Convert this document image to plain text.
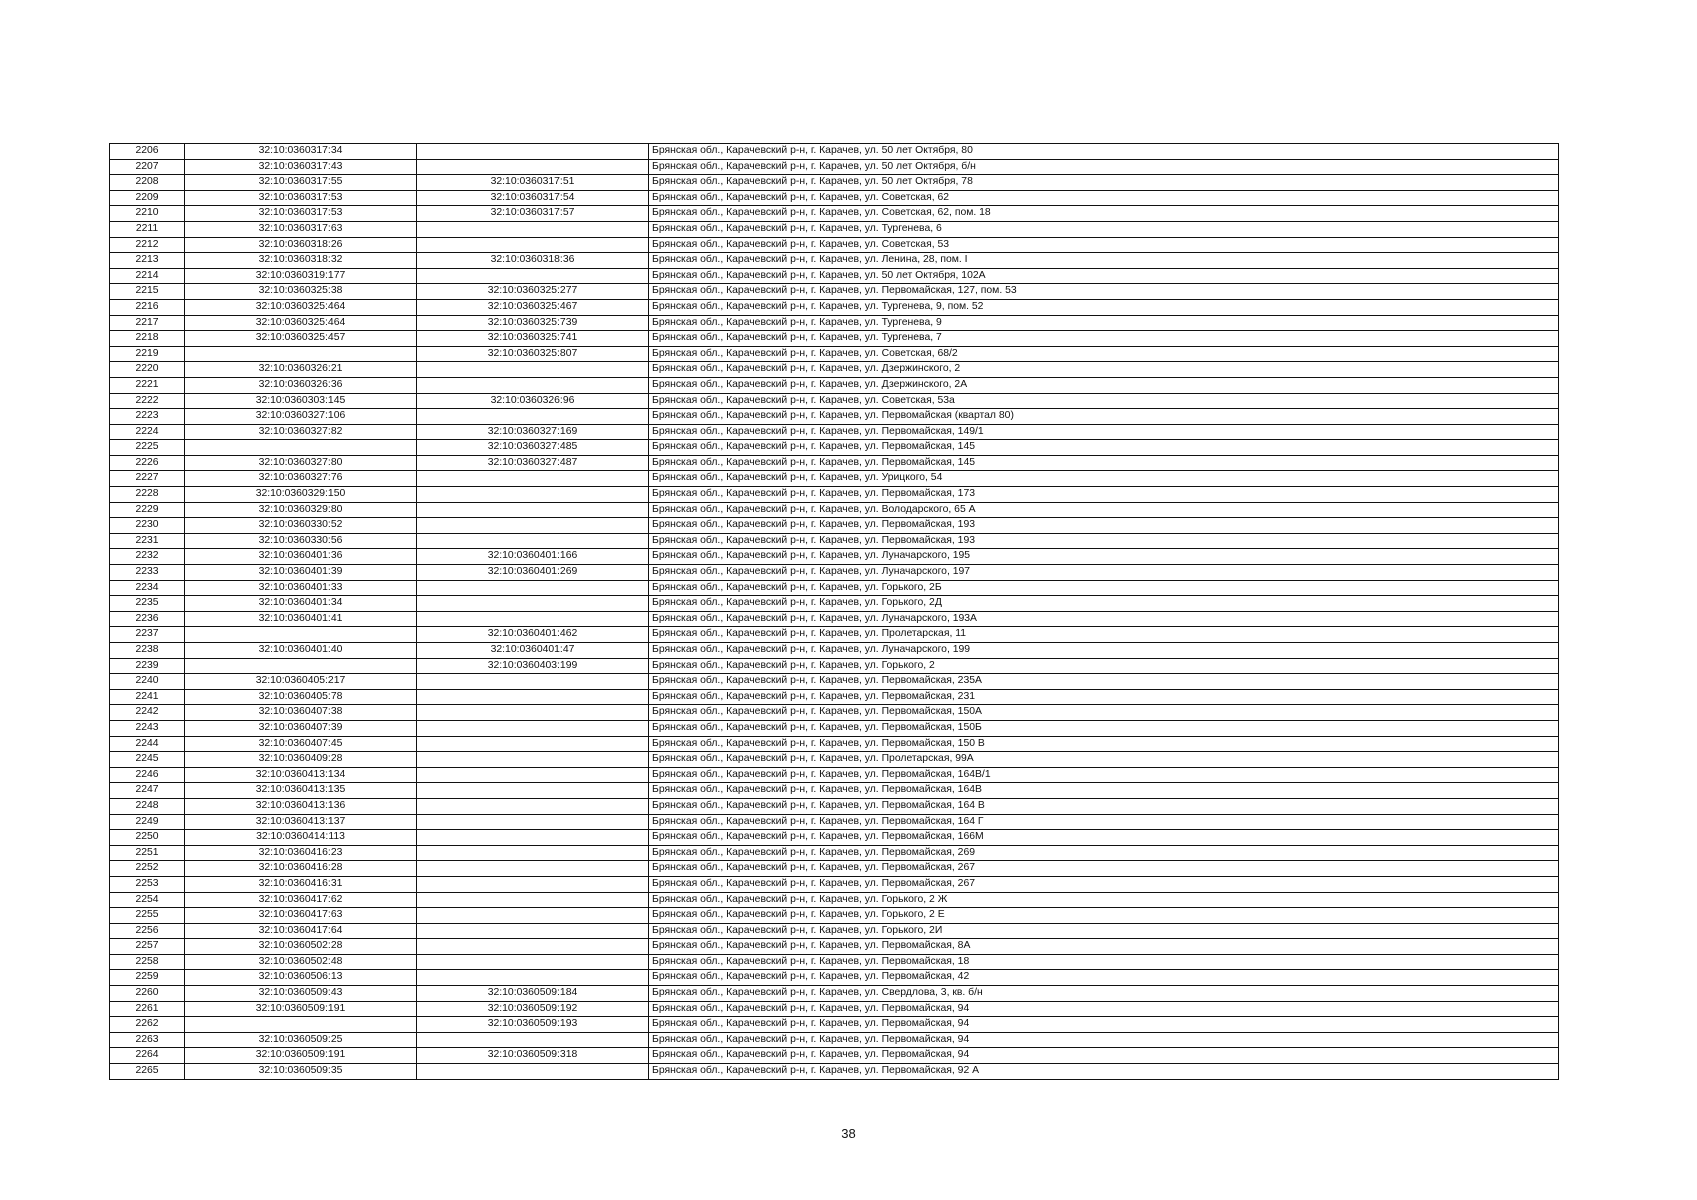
2206	32:10:0360317:34		Брянская обл., Карачевский р-н, г. Карачев, ул. 50 лет Октября, 80
2207	32:10:0360317:43		Брянская обл., Карачевский р-н, г. Карачев, ул. 50 лет Октября, б/н
2208	32:10:0360317:55	32:10:0360317:51	Брянская обл., Карачевский р-н, г. Карачев, ул. 50 лет Октября, 78
2209	32:10:0360317:53	32:10:0360317:54	Брянская обл., Карачевский р-н, г. Карачев, ул. Советская, 62
2210	32:10:0360317:53	32:10:0360317:57	Брянская обл., Карачевский р-н, г. Карачев, ул. Советская, 62, пом. 18
2211	32:10:0360317:63		Брянская обл., Карачевский р-н, г. Карачев, ул. Тургенева, 6
2212	32:10:0360318:26		Брянская обл., Карачевский р-н, г. Карачев, ул. Советская, 53
2213	32:10:0360318:32	32:10:0360318:36	Брянская обл., Карачевский р-н, г. Карачев, ул. Ленина, 28, пом. I
2214	32:10:0360319:177		Брянская обл., Карачевский р-н, г. Карачев, ул. 50 лет Октября, 102А
2215	32:10:0360325:38	32:10:0360325:277	Брянская обл., Карачевский р-н, г. Карачев, ул. Первомайская, 127, пом. 53
2216	32:10:0360325:464	32:10:0360325:467	Брянская обл., Карачевский р-н, г. Карачев, ул. Тургенева, 9, пом. 52
2217	32:10:0360325:464	32:10:0360325:739	Брянская обл., Карачевский р-н, г. Карачев, ул. Тургенева, 9
2218	32:10:0360325:457	32:10:0360325:741	Брянская обл., Карачевский р-н, г. Карачев, ул. Тургенева, 7
2219		32:10:0360325:807	Брянская обл., Карачевский р-н, г. Карачев, ул. Советская, 68/2
2220	32:10:0360326:21		Брянская обл., Карачевский р-н, г. Карачев, ул. Дзержинского, 2
2221	32:10:0360326:36		Брянская обл., Карачевский р-н, г. Карачев, ул. Дзержинского, 2А
2222	32:10:0360303:145	32:10:0360326:96	Брянская обл., Карачевский р-н, г. Карачев, ул. Советская, 53а
2223	32:10:0360327:106		Брянская обл., Карачевский р-н, г. Карачев, ул. Первомайская (квартал 80)
2224	32:10:0360327:82	32:10:0360327:169	Брянская обл., Карачевский р-н, г. Карачев, ул. Первомайская, 149/1
2225		32:10:0360327:485	Брянская обл., Карачевский р-н, г. Карачев, ул. Первомайская, 145
2226	32:10:0360327:80	32:10:0360327:487	Брянская обл., Карачевский р-н, г. Карачев, ул. Первомайская, 145
2227	32:10:0360327:76		Брянская обл., Карачевский р-н, г. Карачев, ул. Урицкого, 54
2228	32:10:0360329:150		Брянская обл., Карачевский р-н, г. Карачев, ул. Первомайская, 173
2229	32:10:0360329:80		Брянская обл., Карачевский р-н, г. Карачев, ул. Володарского, 65 А
2230	32:10:0360330:52		Брянская обл., Карачевский р-н, г. Карачев, ул. Первомайская, 193
2231	32:10:0360330:56		Брянская обл., Карачевский р-н, г. Карачев, ул. Первомайская, 193
2232	32:10:0360401:36	32:10:0360401:166	Брянская обл., Карачевский р-н, г. Карачев, ул. Луначарского, 195
2233	32:10:0360401:39	32:10:0360401:269	Брянская обл., Карачевский р-н, г. Карачев, ул. Луначарского, 197
2234	32:10:0360401:33		Брянская обл., Карачевский р-н, г. Карачев, ул. Горького, 2Б
2235	32:10:0360401:34		Брянская обл., Карачевский р-н, г. Карачев, ул. Горького, 2Д
2236	32:10:0360401:41		Брянская обл., Карачевский р-н, г. Карачев, ул. Луначарского, 193А
2237		32:10:0360401:462	Брянская обл., Карачевский р-н, г. Карачев, ул. Пролетарская, 11
2238	32:10:0360401:40	32:10:0360401:47	Брянская обл., Карачевский р-н, г. Карачев, ул. Луначарского, 199
2239		32:10:0360403:199	Брянская обл., Карачевский р-н, г. Карачев, ул. Горького, 2
2240	32:10:0360405:217		Брянская обл., Карачевский р-н, г. Карачев, ул. Первомайская, 235А
2241	32:10:0360405:78		Брянская обл., Карачевский р-н, г. Карачев, ул. Первомайская, 231
2242	32:10:0360407:38		Брянская обл., Карачевский р-н, г. Карачев, ул. Первомайская, 150А
2243	32:10:0360407:39		Брянская обл., Карачевский р-н, г. Карачев, ул. Первомайская, 150Б
2244	32:10:0360407:45		Брянская обл., Карачевский р-н, г. Карачев, ул. Первомайская, 150 В
2245	32:10:0360409:28		Брянская обл., Карачевский р-н, г. Карачев, ул. Пролетарская, 99А
2246	32:10:0360413:134		Брянская обл., Карачевский р-н, г. Карачев, ул. Первомайская, 164В/1
2247	32:10:0360413:135		Брянская обл., Карачевский р-н, г. Карачев, ул. Первомайская, 164В
2248	32:10:0360413:136		Брянская обл., Карачевский р-н, г. Карачев, ул. Первомайская, 164 В
2249	32:10:0360413:137		Брянская обл., Карачевский р-н, г. Карачев, ул. Первомайская, 164 Г
2250	32:10:0360414:113		Брянская обл., Карачевский р-н, г. Карачев, ул. Первомайская, 166М
2251	32:10:0360416:23		Брянская обл., Карачевский р-н, г. Карачев, ул. Первомайская, 269
2252	32:10:0360416:28		Брянская обл., Карачевский р-н, г. Карачев, ул. Первомайская, 267
2253	32:10:0360416:31		Брянская обл., Карачевский р-н, г. Карачев, ул. Первомайская, 267
2254	32:10:0360417:62		Брянская обл., Карачевский р-н, г. Карачев, ул. Горького, 2 Ж
2255	32:10:0360417:63		Брянская обл., Карачевский р-н, г. Карачев, ул. Горького, 2 Е
2256	32:10:0360417:64		Брянская обл., Карачевский р-н, г. Карачев, ул. Горького, 2И
2257	32:10:0360502:28		Брянская обл., Карачевский р-н, г. Карачев, ул. Первомайская, 8А
2258	32:10:0360502:48		Брянская обл., Карачевский р-н, г. Карачев, ул. Первомайская, 18
2259	32:10:0360506:13		Брянская обл., Карачевский р-н, г. Карачев, ул. Первомайская, 42
2260	32:10:0360509:43	32:10:0360509:184	Брянская обл., Карачевский р-н, г. Карачев, ул. Свердлова, 3, кв. б/н
2261	32:10:0360509:191	32:10:0360509:192	Брянская обл., Карачевский р-н, г. Карачев, ул. Первомайская, 94
2262		32:10:0360509:193	Брянская обл., Карачевский р-н, г. Карачев, ул. Первомайская, 94
2263	32:10:0360509:25		Брянская обл., Карачевский р-н, г. Карачев, ул. Первомайская, 94
2264	32:10:0360509:191	32:10:0360509:318	Брянская обл., Карачевский р-н, г. Карачев, ул. Первомайская, 94
2265	32:10:0360509:35		Брянская обл., Карачевский р-н, г. Карачев, ул. Первомайская, 92 А
38
